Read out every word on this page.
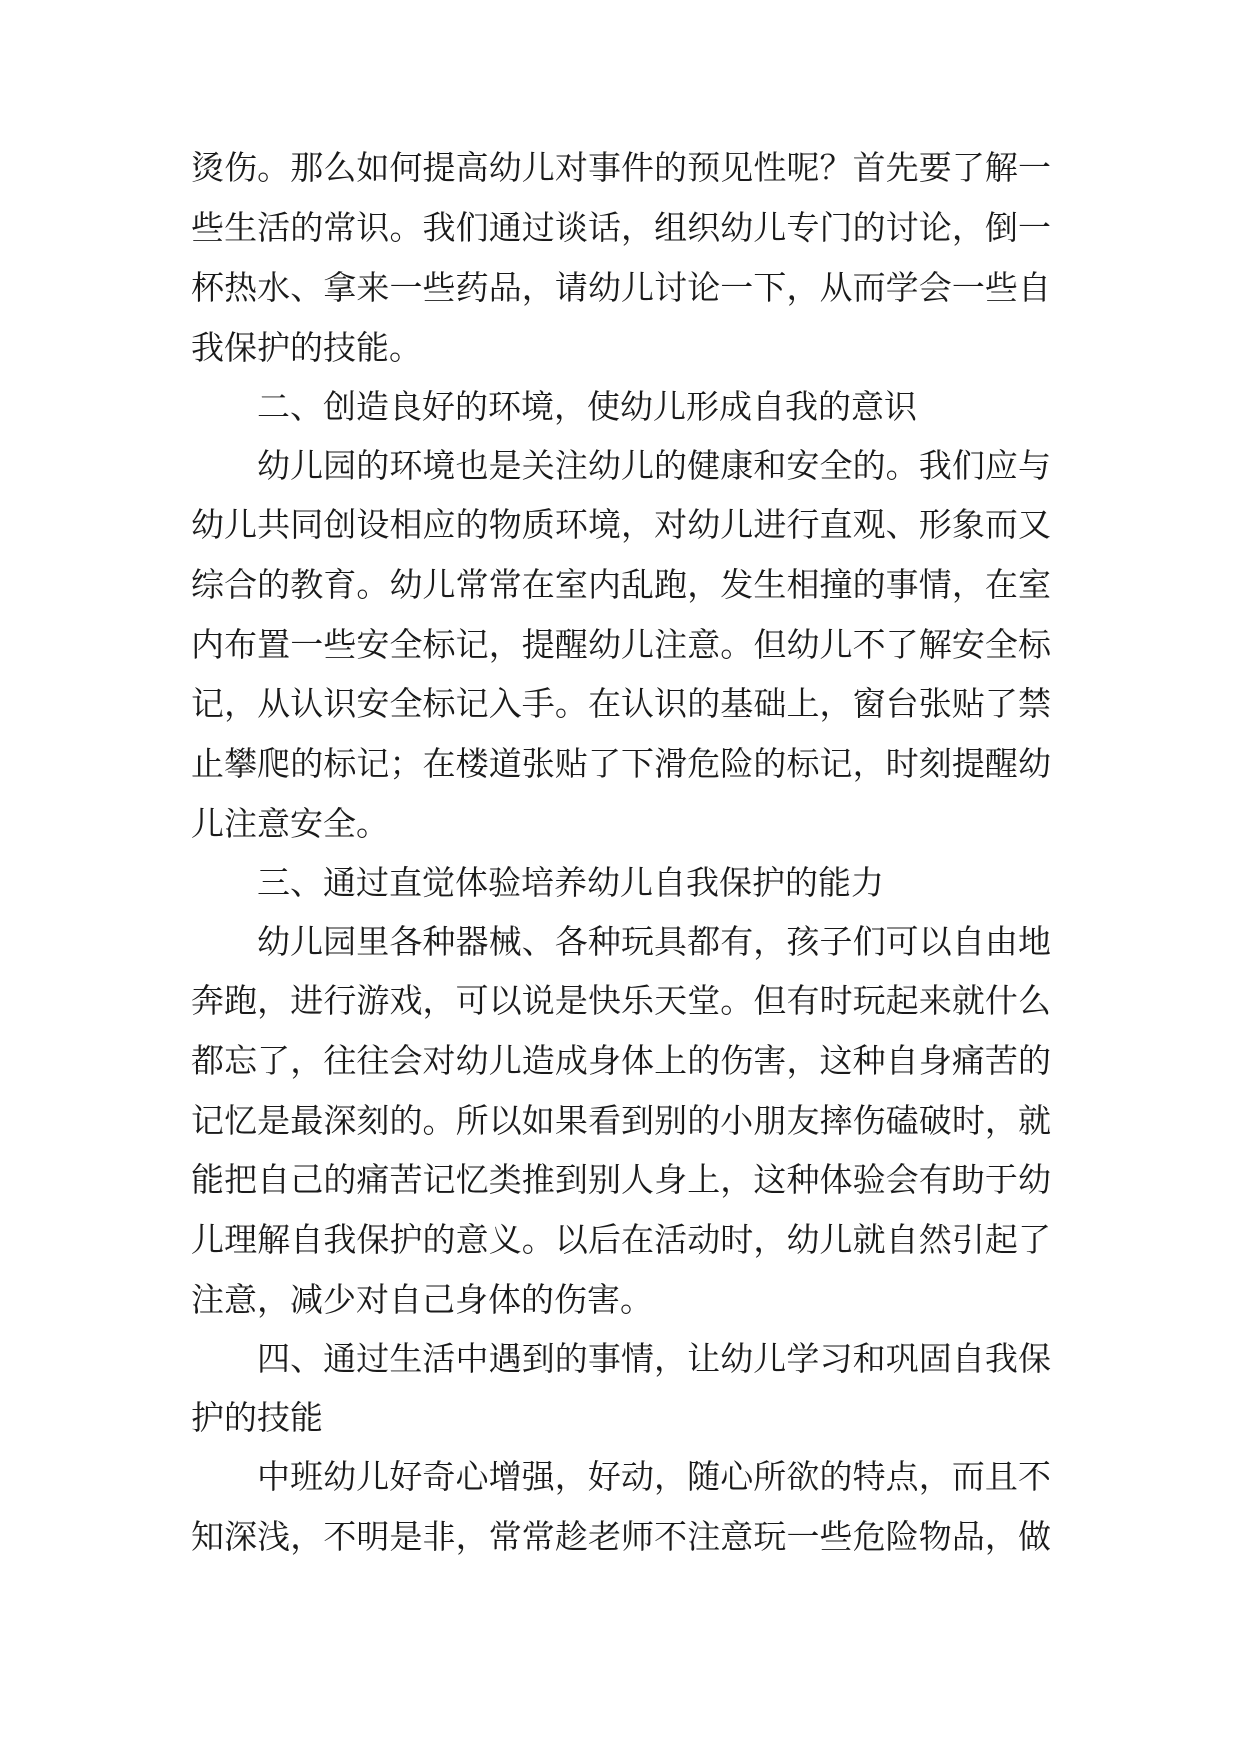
烫伤。那么如何提高幼儿对事件的预见性呢？首先要了解一
些生活的常识。我们通过谈话，组织幼儿专门的讨论，倒一
杯热水、拿来一些药品，请幼儿讨论一下，从而学会一些自
我保护的技能。
二、创造良好的环境，使幼儿形成自我的意识
幼儿园的环境也是关注幼儿的健康和安全的。我们应与
幼儿共同创设相应的物质环境，对幼儿进行直观、形象而又
综合的教育。幼儿常常在室内乱跑，发生相撞的事情，在室
内布置一些安全标记，提醒幼儿注意。但幼儿不了解安全标
记，从认识安全标记入手。在认识的基础上，窗台张贴了禁
止攀爬的标记；在楼道张贴了下滑危险的标记，时刻提醒幼
儿注意安全。
三、通过直觉体验培养幼儿自我保护的能力
幼儿园里各种器械、各种玩具都有，孩子们可以自由地
奔跑，进行游戏，可以说是快乐天堂。但有时玩起来就什么
都忘了，往往会对幼儿造成身体上的伤害，这种自身痛苦的
记忆是最深刻的。所以如果看到别的小朋友摔伤磕破时，就
能把自己的痛苦记忆类推到别人身上，这种体验会有助于幼
儿理解自我保护的意义。以后在活动时，幼儿就自然引起了
注意，减少对自己身体的伤害。
四、通过生活中遇到的事情，让幼儿学习和巩固自我保
护的技能
中班幼儿好奇心增强，好动，随心所欲的特点，而且不
知深浅，不明是非，常常趁老师不注意玩一些危险物品，做
